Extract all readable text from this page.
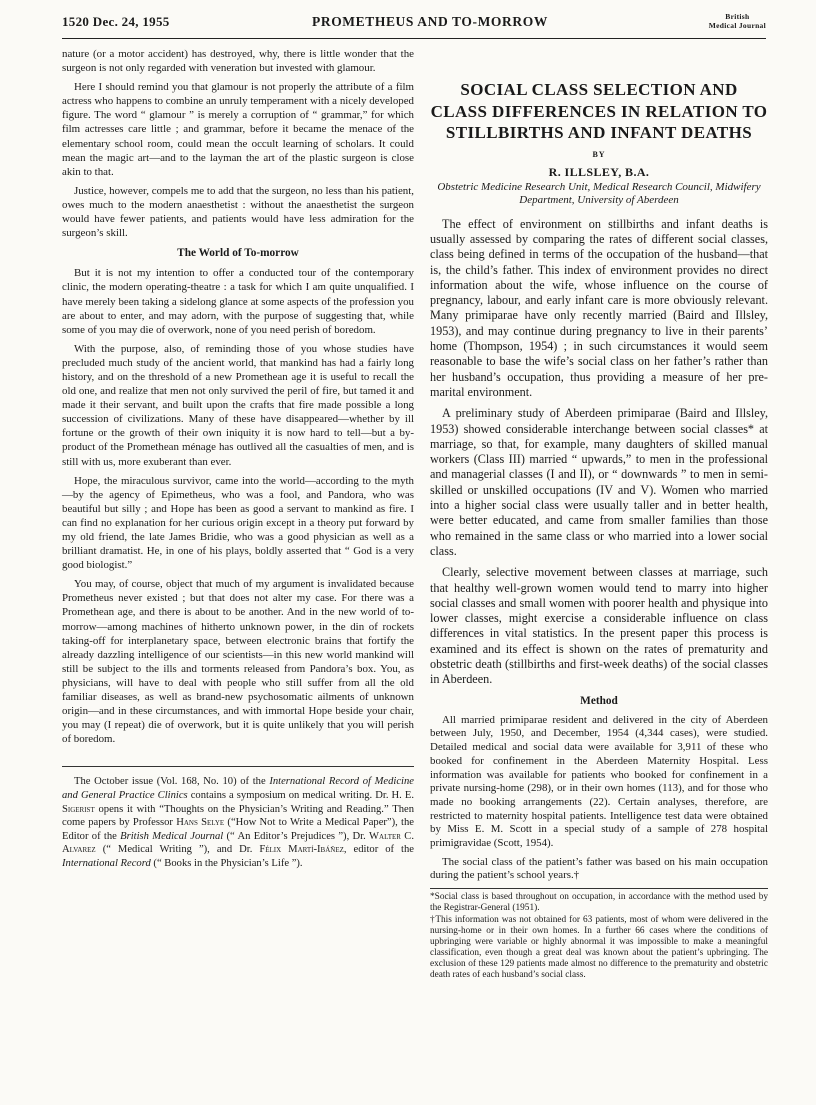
1520 Dec. 24, 1955	PROMETHEUS AND TO-MORROW	British
Medical Journal

nature (or a motor accident) has destroyed, why, there is little wonder that the surgeon is not only regarded with veneration but invested with glamour.

Here I should remind you that glamour is not properly the attribute of a film actress who happens to combine an unruly temperament with a nicely developed figure. The word “ glamour ” is merely a corruption of “ grammar,” for which film actresses care little ; and grammar, before it became the menace of the elementary school room, could mean the occult learning of scholars. It could mean the magic art—and to the layman the art of the plastic surgeon is close akin to that.

Justice, however, compels me to add that the surgeon, no less than his patient, owes much to the modern anaesthetist : without the anaesthetist the surgeon would have fewer patients, and patients would have less admiration for the surgeon’s skill.

The World of To-morrow

But it is not my intention to offer a conducted tour of the contemporary clinic, the modern operating-theatre : a task for which I am quite unqualified. I have merely been taking a sidelong glance at some aspects of the profession you are about to enter, and may adorn, with the purpose of suggesting that, while some of you may die of overwork, none of you need perish of boredom.

With the purpose, also, of reminding those of you whose studies have precluded much study of the ancient world, that mankind has had a fairly long history, and on the threshold of a new Promethean age it is useful to recall the old one, and realize that men not only survived the peril of fire, but tamed it and made it their servant, and built upon the crafts that fire made possible a long succession of civilizations. Many of these have disappeared—whether by ill fortune or the growth of their own iniquity it is now hard to tell—but a by-product of the Promethean ménage has outlived all the casualties of men, and is still with us, more exuberant than ever.

Hope, the miraculous survivor, came into the world—according to the myth—by the agency of Epimetheus, who was a fool, and Pandora, who was beautiful but silly ; and Hope has been as good a servant to mankind as fire. I can find no explanation for her curious origin except in a theory put forward by my old friend, the late James Bridie, who was a good physician as well as a brilliant dramatist. He, in one of his plays, boldly asserted that “ God is a very good biologist.”

You may, of course, object that much of my argument is invalidated because Prometheus never existed ; but that does not alter my case. For there was a Promethean age, and there is about to be another. And in the new world of to-morrow—among machines of hitherto unknown power, in the din of rockets taking-off for interplanetary space, between electronic brains that fortify the already dazzling intelligence of our scientists—in this new world mankind will still be subject to the ills and torments released from Pandora’s box. You, as physicians, will have to deal with people who still suffer from all the old familiar diseases, as well as brand-new psychosomatic ailments of unknown origin—and in these circumstances, and with immortal Hope beside your chair, you may (I repeat) die of overwork, but it is quite unlikely that you will perish of boredom.

The October issue (Vol. 168, No. 10) of the International Record of Medicine and General Practice Clinics contains a symposium on medical writing. Dr. H. E. Sigerist opens it with “Thoughts on the Physician’s Writing and Reading.” Then come papers by Professor Hans Selye (“How Not to Write a Medical Paper”), the Editor of the British Medical Journal (“ An Editor’s Prejudices ”), Dr. Walter C. Alvarez (“ Medical Writing ”), and Dr. Félix Martí-Ibáñez, editor of the International Record (“ Books in the Physician’s Life ”).

SOCIAL CLASS SELECTION AND CLASS DIFFERENCES IN RELATION TO STILLBIRTHS AND INFANT DEATHS
BY
R. ILLSLEY, B.A.
Obstetric Medicine Research Unit, Medical Research Council, Midwifery Department, University of Aberdeen

The effect of environment on stillbirths and infant deaths is usually assessed by comparing the rates of different social classes, class being defined in terms of the occupation of the husband—that is, the child’s father. This index of environment provides no direct information about the wife, whose influence on the course of pregnancy, labour, and early infant care is more obviously relevant. Many primiparae have only recently married (Baird and Illsley, 1953), and may continue during pregnancy to live in their parents’ home (Thompson, 1954) ; in such circumstances it would seem reasonable to base the wife’s social class on her father’s rather than her husband’s occupation, thus providing a measure of her pre-marital environment.

A preliminary study of Aberdeen primiparae (Baird and Illsley, 1953) showed considerable interchange between social classes* at marriage, so that, for example, many daughters of skilled manual workers (Class III) married “ upwards,” to men in the professional and managerial classes (I and II), or “ downwards ” to men in semi-skilled or unskilled occupations (IV and V). Women who married into a higher social class were usually taller and in better health, were better educated, and came from smaller families than those who remained in the same class or who married into a lower social class.

Clearly, selective movement between classes at marriage, such that healthy well-grown women would tend to marry into higher social classes and small women with poorer health and physique into lower classes, might exercise a considerable influence on class differences in vital statistics. In the present paper this process is examined and its effect is shown on the rates of prematurity and obstetric death (stillbirths and first-week deaths) of the social classes in Aberdeen.

Method

All married primiparae resident and delivered in the city of Aberdeen between July, 1950, and December, 1954 (4,344 cases), were studied. Detailed medical and social data were available for 3,911 of these who booked for confinement in the Aberdeen Maternity Hospital. Less information was available for patients who booked for confinement in a private nursing-home (298), or in their own homes (113), and for those who made no booking arrangements (22). Certain analyses, therefore, are restricted to maternity hospital patients. Intelligence test data were obtained by Miss E. M. Scott in a special study of a sample of 278 hospital primigravidae (Scott, 1954).

The social class of the patient’s father was based on his main occupation during the patient’s school years.†

*Social class is based throughout on occupation, in accordance with the method used by the Registrar-General (1951).

†This information was not obtained for 63 patients, most of whom were delivered in the nursing-home or in their own homes. In a further 66 cases where the conditions of upbringing were variable or highly abnormal it was impossible to make a meaningful classification, even though a great deal was known about the patient’s upbringing. The exclusion of these 129 patients made almost no difference to the prematurity and obstetric death rates of each husband’s social class.
